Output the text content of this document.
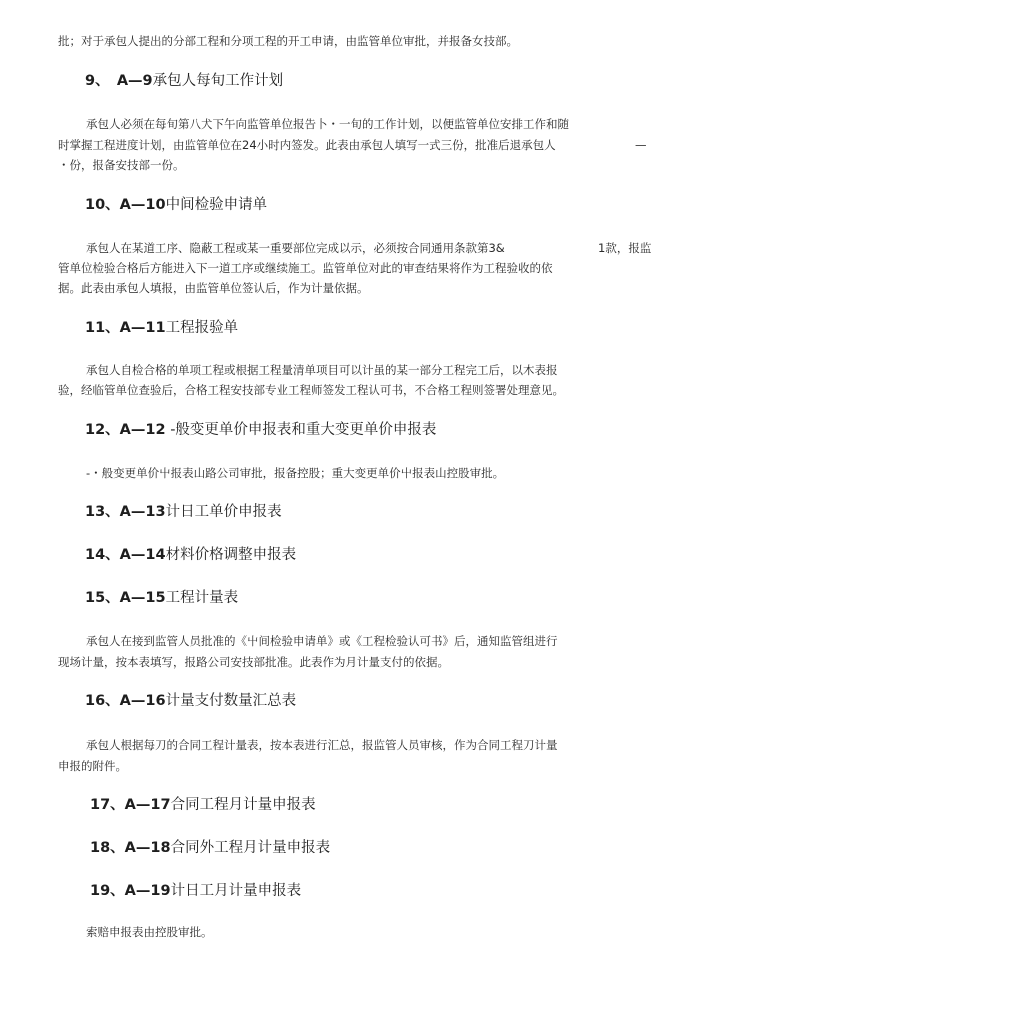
批；对于承包人提出的分部工程和分项工程的开工申请，由监管单位审批，并报备女技部。
9、　A—9承包人每旬工作计划
承包人必须在每旬第八犬下午向监管单位报告卜・一旬的工作计划，以便监管单位安排工作和随
时掌握工程进度计划，由监管单位在24小时内签发。此表由承包人填写一式三份，批准后退承包人	—
・份，报备安技部一份。
10、A—10中间检验申请单
承包人在某道工序、隐蔽工程或某一重要部位完成以示，必须按合同通用条款第3&	1款，报监
管单位检验合格后方能进入下一道工序或继续施工。监管单位对此的审查结果将作为工程验收的依
据。此表由承包人填报，由监管单位签认后，作为计量依据。
11、A—11工程报验单
承包人自检合格的单项工程或根据工程量清单项目可以计虽的某一部分工程完工后，以木表报
验，经临管单位查验后，合格工程安技部专业工程师签发工程认可书，不合格工程则签署处理意见。
12、A—12 -般变更单价申报表和重大变更单价申报表
-・般变更单价屮报表山路公司审批，报备控股；重大变更单价屮报表山控股审批。
13、A—13计日工单价申报表
14、A—14材料价格调整申报表
15、A—15工程计量表
承包人在接到监管人员批准的《屮间检验申请单》或《工程检验认可书》后，通知监管组进行
现场计量，按本表填写，报路公司安技部批准。此表作为月计量支付的依据。
16、A—16计量支付数量汇总表
承包人根据每刀的合同工程计量表，按本表进行汇总，报监管人员审核，作为合同工程刀计量
申报的附件。
17、A—17合同工程月计量申报表
18、A—18合同外工程月计量申报表
19、A—19计日工月计量申报表
索赔申报表由控股审批。
